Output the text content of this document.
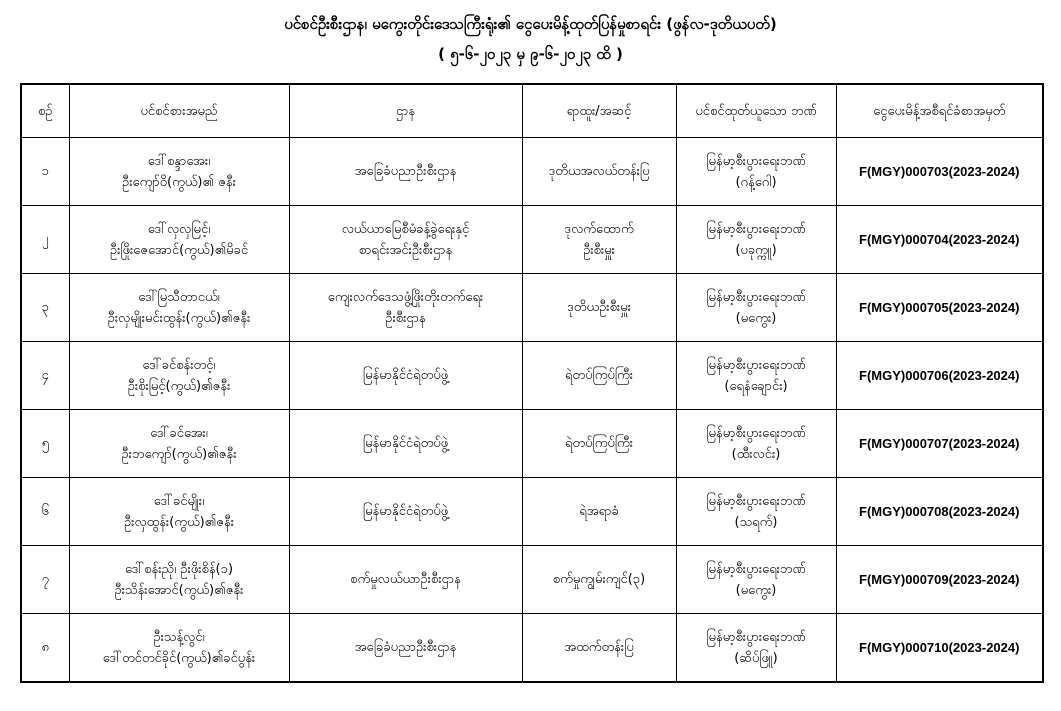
ပင်စင်ဦးစီးဌာန၊ မကွေးတိုင်းဒေသကြီးရုံး၏ ငွေပေးမိန့်ထုတ်ပြန်မှုစာရင်း (ဖွန်လ-ဒုတိယပတ်)
( ၅-၆-၂၀၂၃ မှ ၉-၆-၂၀၂၃ ထိ )
စဉ်	ပင်စင်စားအမည်	ဌာန	ရာထူး/အဆင့်	ပင်စင်ထုတ်ယူသော ဘဏ်	ငွေပေးမိန့်အစီရင်ခံစာအမှတ်
၁	ဒေါ်စန္ဒာအေး၊
ဦးကျော်ဝိ(ကွယ်)၏ ဇနီး	အခြေခံပညာဦးစီးဌာန	ဒုတိယအလယ်တန်းပြ	မြန်မာ့စီးပွားရေးဘဏ်
(ဂန့်ဂေါ)	F(MGY)000703(2023-2024)
၂	ဒေါ်လှလှမြင့်၊
ဦးဖြိုးဇေအောင်(ကွယ်)၏မိခင်	လယ်ယာမြေစီမံခန့်ခွဲရေးနှင့်
စာရင်းအင်းဦးစီးဌာန	ဒုလက်ထောက်
ဦးစီးမှူး	မြန်မာ့စီးပွားရေးဘဏ်
(ပခုက္ကူ)	F(MGY)000704(2023-2024)
၃	ဒေါ်မြသီတာငယ်၊
ဦးလှမျိုးမင်းထွန်း(ကွယ်)၏ဇနီး	ကျေးလက်ဒေသဖွံ့ဖြိုးတိုးတက်ရေး
ဦးစီးဌာန	ဒုတိယဦးစီးမှူး	မြန်မာ့စီးပွားရေးဘဏ်
(မကွေး)	F(MGY)000705(2023-2024)
၄	ဒေါ်ခင်စန်းတင့်၊
ဦးစိုးမြင့်(ကွယ်)၏ဇနီး	မြန်မာနိုင်ငံရဲတပ်ဖွဲ့	ရဲတပ်ကြပ်ကြီး	မြန်မာ့စီးပွားရေးဘဏ်
(ရေနံချောင်း)	F(MGY)000706(2023-2024)
၅	ဒေါ်ခင်အေး၊
ဦးဘကျော်(ကွယ်)၏ဇနီး	မြန်မာနိုင်ငံရဲတပ်ဖွဲ့	ရဲတပ်ကြပ်ကြီး	မြန်မာ့စီးပွားရေးဘဏ်
(ထီးလင်း)	F(MGY)000707(2023-2024)
၆	ဒေါ်ခင်မျိုး၊
ဦးလှထွန်း(ကွယ်)၏ဇနီး	မြန်မာနိုင်ငံရဲတပ်ဖွဲ့	ရဲအရာခံ	မြန်မာ့စီးပွားရေးဘဏ်
(သရက်)	F(MGY)000708(2023-2024)
၇	ဒေါ်စန်းညို၊ ဦးဖိုးစိန်(၁)
ဦးသိန်းအောင်(ကွယ်)၏ဇနီး	စက်မှုလယ်ယာဦးစီးဌာန	စက်မှုကျွမ်းကျင်(၃)	မြန်မာ့စီးပွားရေးဘဏ်
(မကွေး)	F(MGY)000709(2023-2024)
၈	ဦးသန့်လွင်၊
ဒေါ်တင်တင်ခိုင်(ကွယ်)၏ခင်ပွန်း	အခြေခံပညာဦးစီးဌာန	အထက်တန်းပြ	မြန်မာ့စီးပွားရေးဘဏ်
(ဆိပ်ဖြူ)	F(MGY)000710(2023-2024)
